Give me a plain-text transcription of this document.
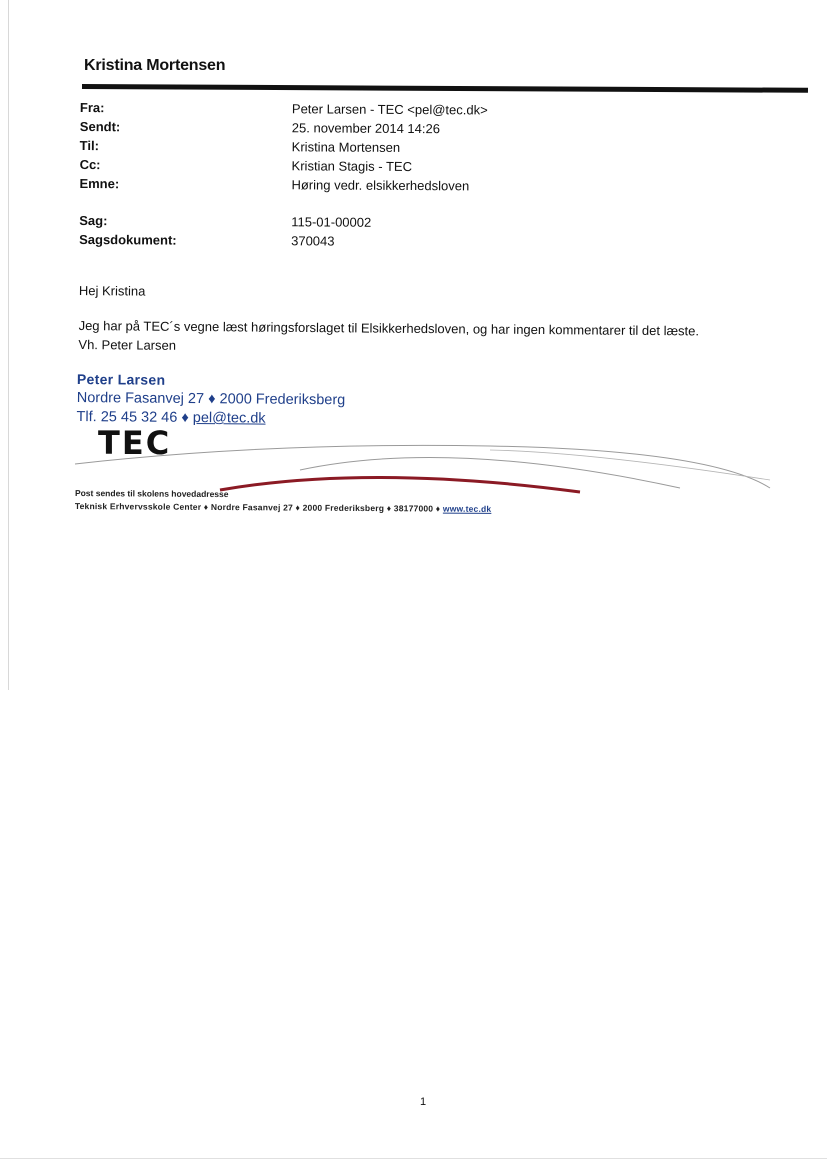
Kristina Mortensen
Fra:	Peter Larsen - TEC <pel@tec.dk>
Sendt:	25. november 2014 14:26
Til:	Kristina Mortensen
Cc:	Kristian Stagis - TEC
Emne:	Høring vedr. elsikkerhedsloven
Sag:	115-01-00002
Sagsdokument:	370043

Hej Kristina

Jeg har på TEC´s vegne læst høringsforslaget til Elsikkerhedsloven, og har ingen kommentarer til det læste.

Vh. Peter Larsen

Peter Larsen
Nordre Fasanvej 27 ♦ 2000 Frederiksberg
Tlf. 25 45 32 46 ♦ pel@tec.dk
TEC
Post sendes til skolens hovedadresse
Teknisk Erhvervsskole Center ♦ Nordre Fasanvej 27 ♦ 2000 Frederiksberg ♦ 38177000 ♦ www.tec.dk
1
